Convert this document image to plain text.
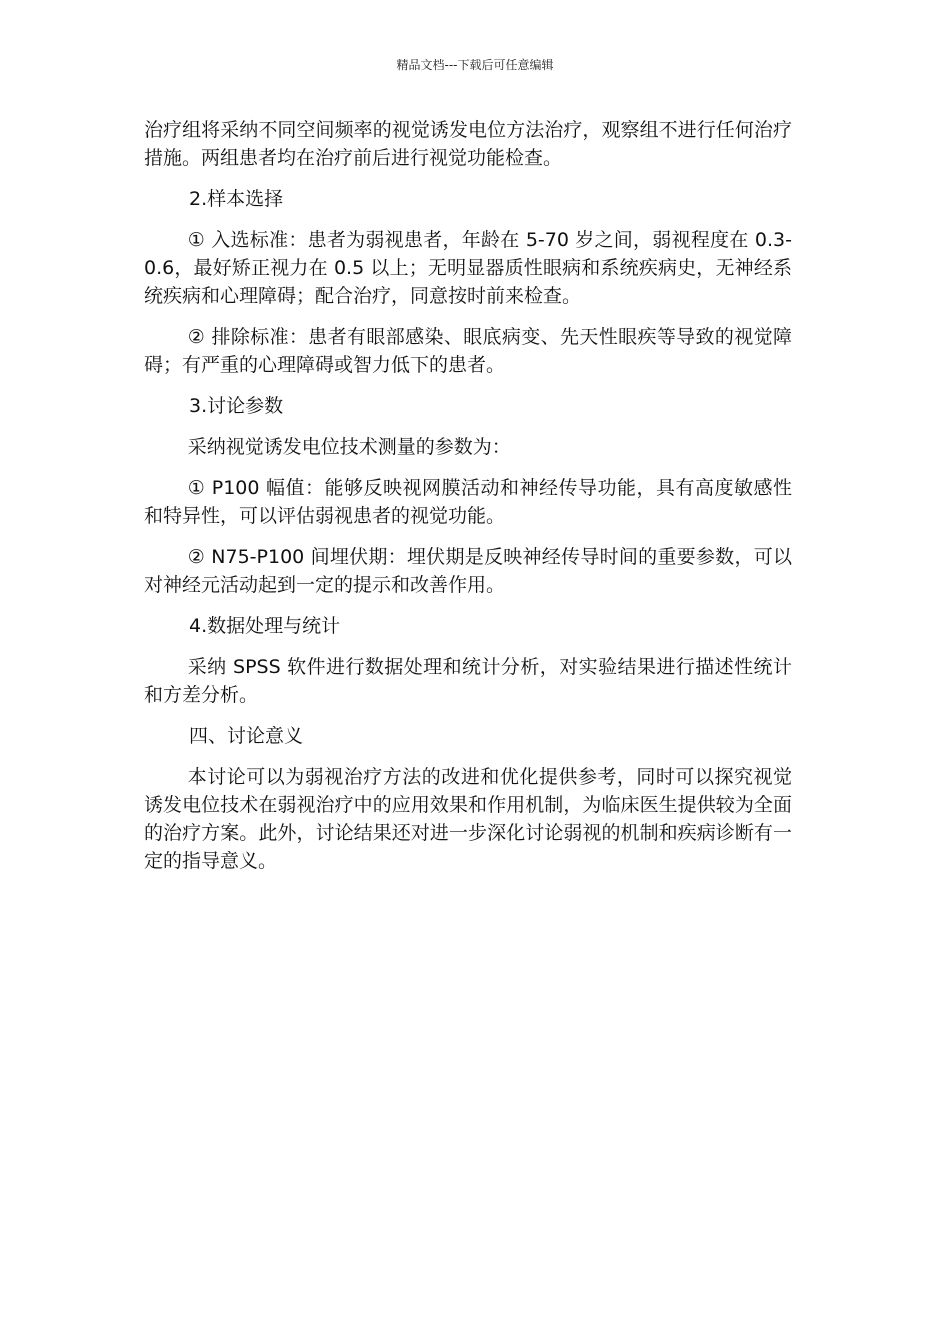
精品文档---下载后可任意编辑

治疗组将采纳不同空间频率的视觉诱发电位方法治疗，观察组不进行任何治疗措施。两组患者均在治疗前后进行视觉功能检查。

2.样本选择

① 入选标准：患者为弱视患者，年龄在 5-70 岁之间，弱视程度在 0.3-0.6，最好矫正视力在 0.5 以上；无明显器质性眼病和系统疾病史，无神经系统疾病和心理障碍；配合治疗，同意按时前来检查。

② 排除标准：患者有眼部感染、眼底病变、先天性眼疾等导致的视觉障碍；有严重的心理障碍或智力低下的患者。

3.讨论参数

采纳视觉诱发电位技术测量的参数为：

① P100 幅值：能够反映视网膜活动和神经传导功能，具有高度敏感性和特异性，可以评估弱视患者的视觉功能。

② N75-P100 间埋伏期：埋伏期是反映神经传导时间的重要参数，可以对神经元活动起到一定的提示和改善作用。

4.数据处理与统计

采纳 SPSS 软件进行数据处理和统计分析，对实验结果进行描述性统计和方差分析。

四、讨论意义

本讨论可以为弱视治疗方法的改进和优化提供参考，同时可以探究视觉诱发电位技术在弱视治疗中的应用效果和作用机制，为临床医生提供较为全面的治疗方案。此外，讨论结果还对进一步深化讨论弱视的机制和疾病诊断有一定的指导意义。
